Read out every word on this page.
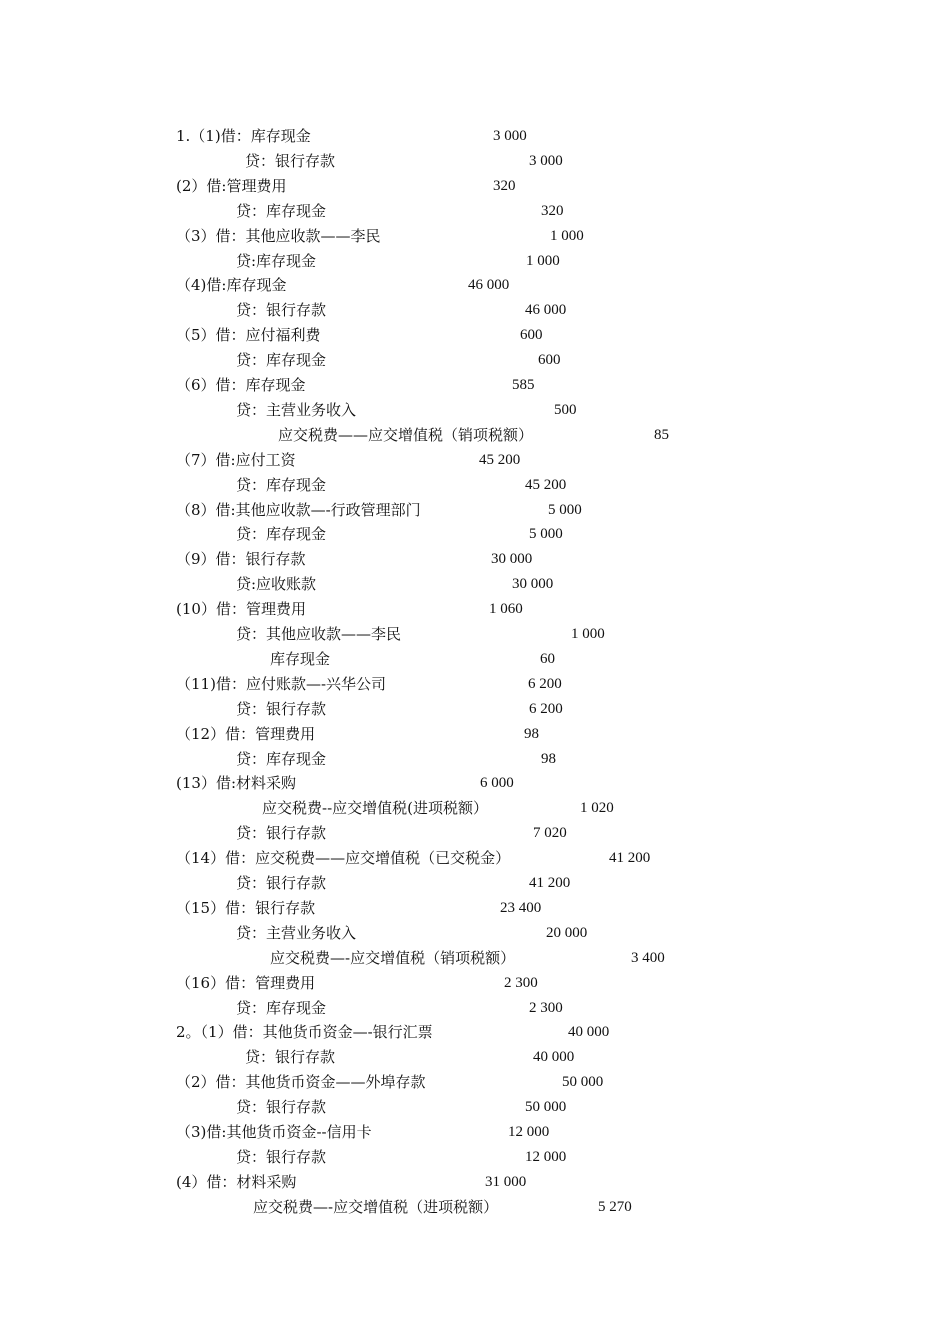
1.（1)借：库存现金	3 000
贷：银行存款	3 000
(2）借:管理费用	320
贷：库存现金	320
（3）借：其他应收款——李民	1 000
贷:库存现金	1 000
（4)借:库存现金	46 000
贷：银行存款	46 000
（5）借：应付福利费	600
贷：库存现金	600
（6）借：库存现金	585
贷：主营业务收入	500
应交税费——应交增值税（销项税额）	85
（7）借:应付工资	45 200
贷：库存现金	45 200
（8）借:其他应收款—-行政管理部门	5 000
贷：库存现金	5 000
（9）借：银行存款	30 000
贷:应收账款	30 000
(10）借：管理费用	1 060
贷：其他应收款——李民	1 000
库存现金	60
（11)借：应付账款—-兴华公司	6 200
贷：银行存款	6 200
（12）借：管理费用	98
贷：库存现金	98
(13）借:材料采购	6 000
应交税费--应交增值税(进项税额）	1 020
贷：银行存款	7 020
（14）借：应交税费——应交增值税（已交税金）	41 200
贷：银行存款	41 200
（15）借：银行存款	23 400
贷：主营业务收入	20 000
应交税费—-应交增值税（销项税额）	3 400
（16）借：管理费用	2 300
贷：库存现金	2 300
2。（1）借：其他货币资金—-银行汇票	40 000
贷：银行存款	40 000
（2）借：其他货币资金——外埠存款	50 000
贷：银行存款	50 000
（3)借:其他货币资金--信用卡	12 000
贷：银行存款	12 000
(4）借：材料采购	31 000
应交税费—-应交增值税（进项税额）	5 270
